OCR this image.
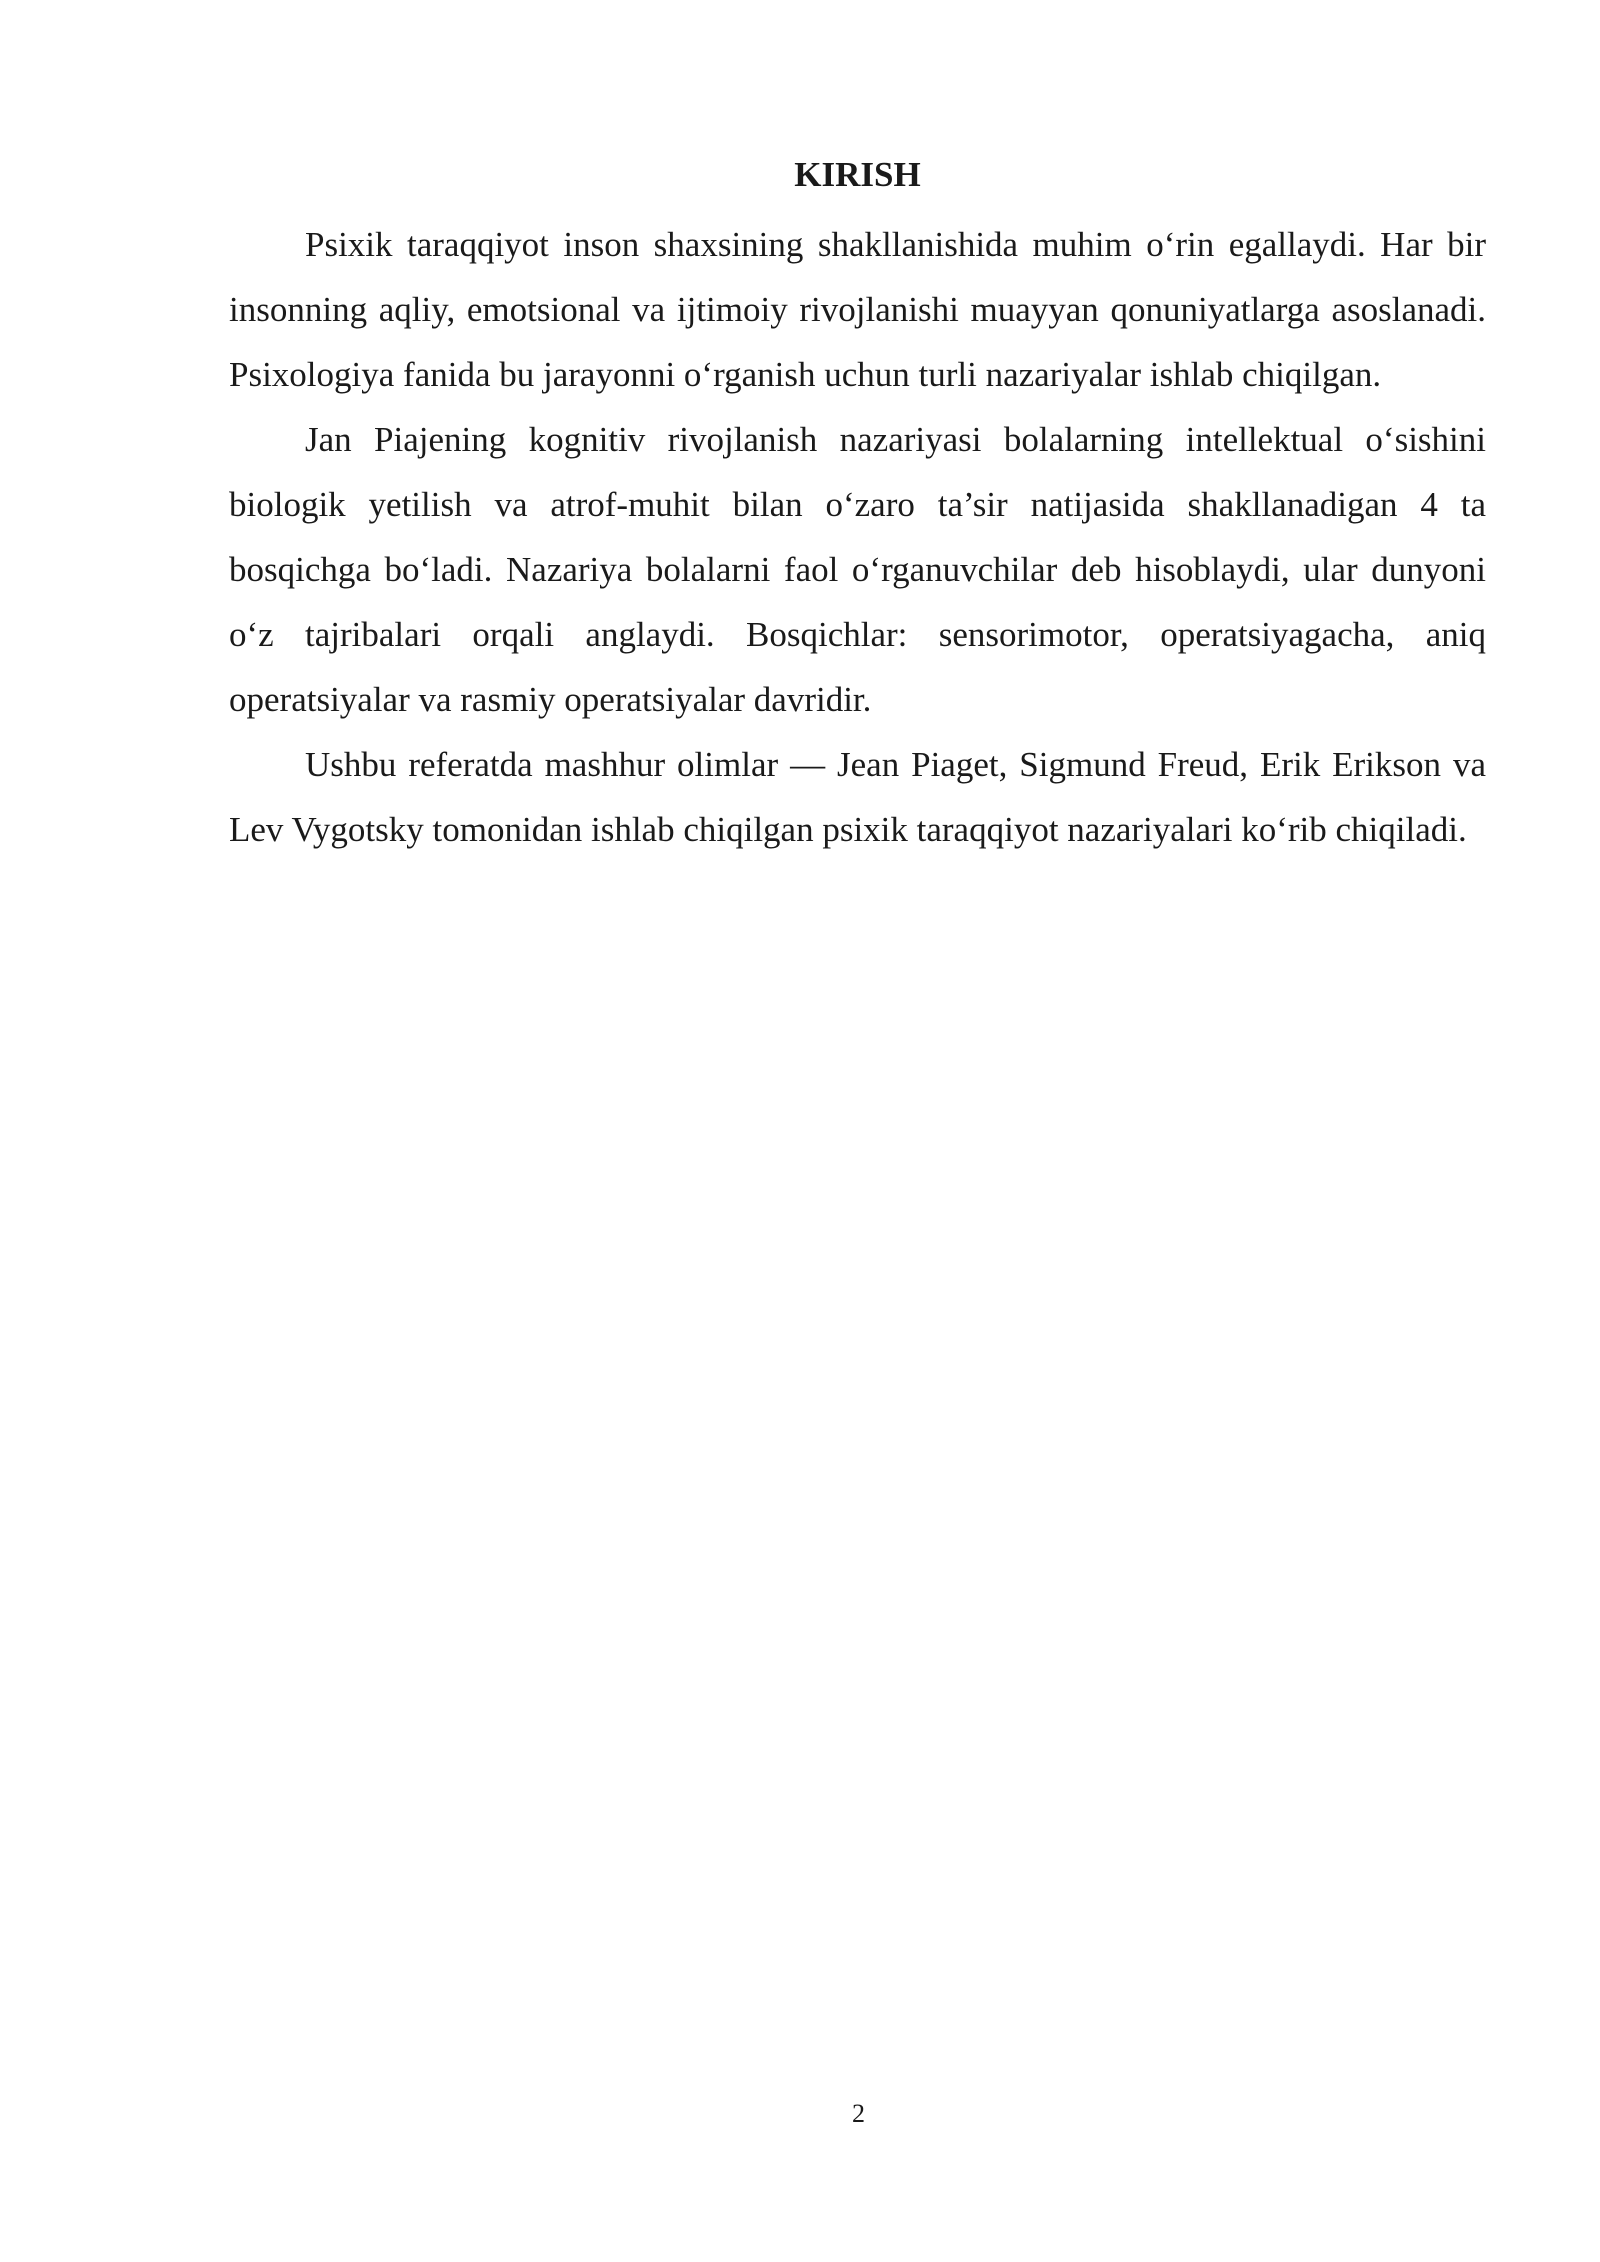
KIRISH

Psixik taraqqiyot inson shaxsining shakllanishida muhim o‘rin egallaydi. Har bir insonning aqliy, emotsional va ijtimoiy rivojlanishi muayyan qonuniyatlarga asoslanadi. Psixologiya fanida bu jarayonni o‘rganish uchun turli nazariyalar ishlab chiqilgan.

Jan Piajening kognitiv rivojlanish nazariyasi bolalarning intellektual o‘sishini biologik yetilish va atrof-muhit bilan o‘zaro ta’sir natijasida shakllanadigan 4 ta bosqichga bo‘ladi. Nazariya bolalarni faol o‘rganuvchilar deb hisoblaydi, ular dunyoni o‘z tajribalari orqali anglaydi. Bosqichlar: sensorimotor, operatsiyagacha, aniq operatsiyalar va rasmiy operatsiyalar davridir.

Ushbu referatda mashhur olimlar — Jean Piaget, Sigmund Freud, Erik Erikson va Lev Vygotsky tomonidan ishlab chiqilgan psixik taraqqiyot nazariyalari ko‘rib chiqiladi.

2
